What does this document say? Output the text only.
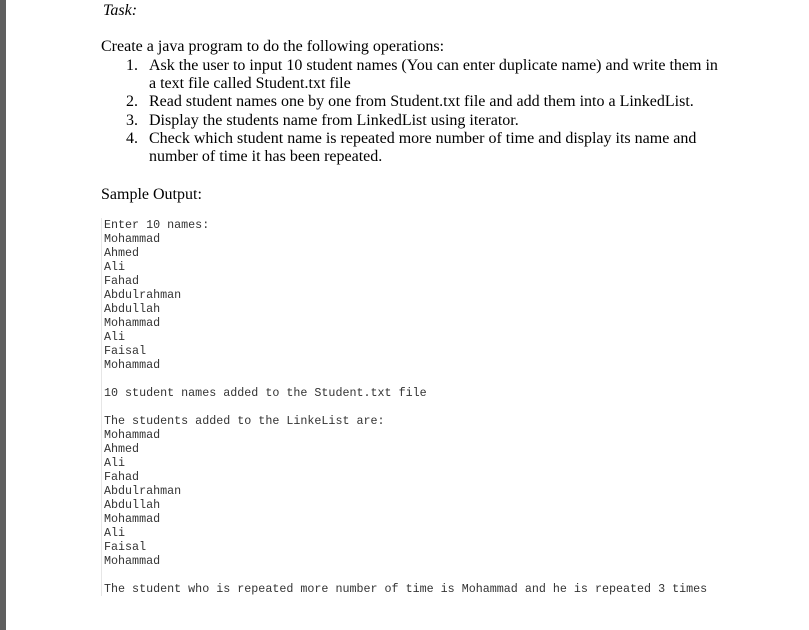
Task:
Create a java program to do the following operations:
1. Ask the user to input 10 student names (You can enter duplicate name) and write them in
a text file called Student.txt file
2. Read student names one by one from Student.txt file and add them into a LinkedList.
3. Display the students name from LinkedList using iterator.
4. Check which student name is repeated more number of time and display its name and
number of time it has been repeated.
Sample Output:
Enter 10 names:
Mohammad
Ahmed
Ali
Fahad
Abdulrahman
Abdullah
Mohammad
Ali
Faisal
Mohammad
10 student names added to the Student.txt file
The students added to the LinkeList are:
Mohammad
Ahmed
Ali
Fahad
Abdulrahman
Abdullah
Mohammad
Ali
Faisal
Mohammad
The student who is repeated more number of time is Mohammad and he is repeated 3 times
